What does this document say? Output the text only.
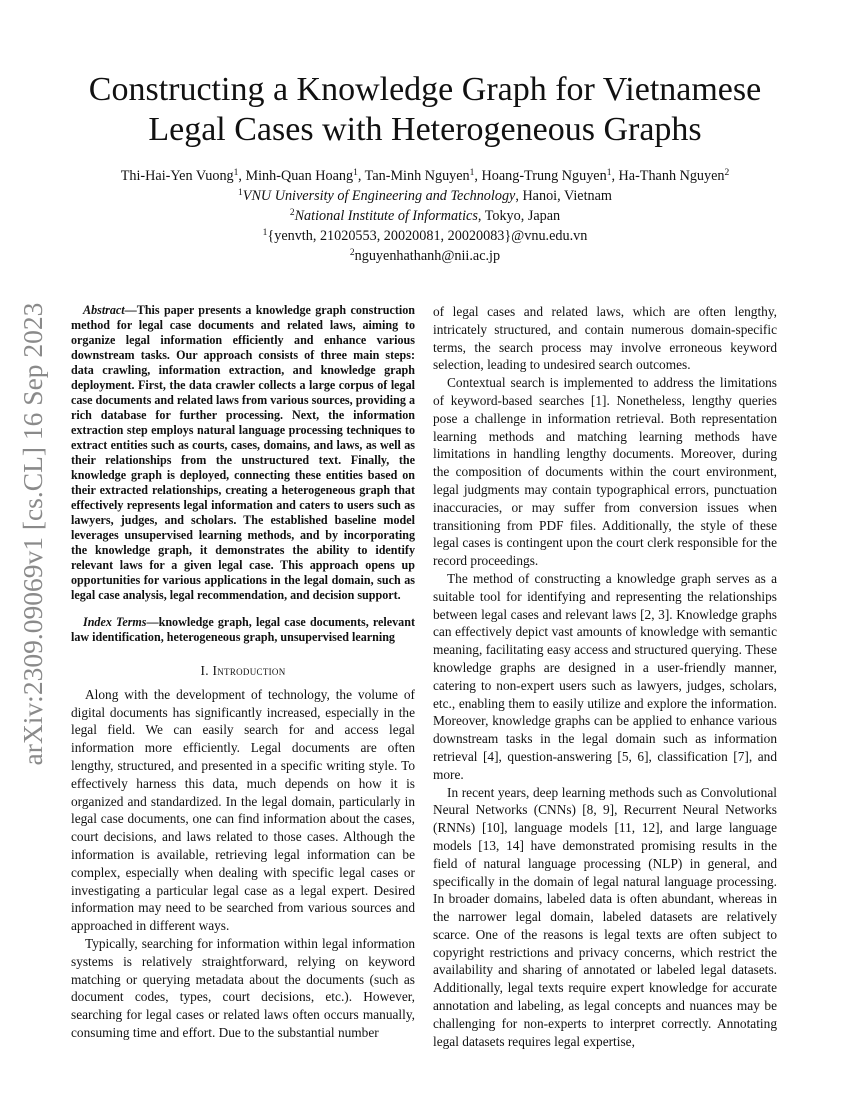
arXiv:2309.09069v1 [cs.CL] 16 Sep 2023
Constructing a Knowledge Graph for Vietnamese
Legal Cases with Heterogeneous Graphs
Thi-Hai-Yen Vuong$^1$, Minh-Quan Hoang$^1$, Tan-Minh Nguyen$^1$, Hoang-Trung Nguyen$^1$, Ha-Thanh Nguyen$^2$
$^1$VNU University of Engineering and Technology, Hanoi, Vietnam
$^2$National Institute of Informatics, Tokyo, Japan
$^1${yenvth, 21020553, 20020081, 20020083}@vnu.edu.vn
$^2$nguyenhathanh@nii.ac.jp

Abstract—This paper presents a knowledge graph construction method for legal case documents and related laws, aiming to organize legal information efficiently and enhance various downstream tasks. Our approach consists of three main steps: data crawling, information extraction, and knowledge graph deployment. First, the data crawler collects a large corpus of legal case documents and related laws from various sources, providing a rich database for further processing. Next, the information extraction step employs natural language processing techniques to extract entities such as courts, cases, domains, and laws, as well as their relationships from the unstructured text. Finally, the knowledge graph is deployed, connecting these entities based on their extracted relationships, creating a heterogeneous graph that effectively represents legal information and caters to users such as lawyers, judges, and scholars. The established baseline model leverages unsupervised learning methods, and by incorporating the knowledge graph, it demonstrates the ability to identify relevant laws for a given legal case. This approach opens up opportunities for various applications in the legal domain, such as legal case analysis, legal recommendation, and decision support.

Index Terms—knowledge graph, legal case documents, relevant law identification, heterogeneous graph, unsupervised learning

I. Introduction

Along with the development of technology, the volume of digital documents has significantly increased, especially in the legal field. We can easily search for and access legal information more efficiently. Legal documents are often lengthy, structured, and presented in a specific writing style. To effectively harness this data, much depends on how it is organized and standardized. In the legal domain, particularly in legal case documents, one can find information about the cases, court decisions, and laws related to those cases. Although the information is available, retrieving legal information can be complex, especially when dealing with specific legal cases or investigating a particular legal case as a legal expert. Desired information may need to be searched from various sources and approached in different ways.

Typically, searching for information within legal information systems is relatively straightforward, relying on keyword matching or querying metadata about the documents (such as document codes, types, court decisions, etc.). However, searching for legal cases or related laws often occurs manually, consuming time and effort. Due to the substantial number

of legal cases and related laws, which are often lengthy, intricately structured, and contain numerous domain-specific terms, the search process may involve erroneous keyword selection, leading to undesired search outcomes.

Contextual search is implemented to address the limitations of keyword-based searches [1]. Nonetheless, lengthy queries pose a challenge in information retrieval. Both representation learning methods and matching learning methods have limitations in handling lengthy documents. Moreover, during the composition of documents within the court environment, legal judgments may contain typographical errors, punctuation inaccuracies, or may suffer from conversion issues when transitioning from PDF files. Additionally, the style of these legal cases is contingent upon the court clerk responsible for the record proceedings.

The method of constructing a knowledge graph serves as a suitable tool for identifying and representing the relationships between legal cases and relevant laws [2, 3]. Knowledge graphs can effectively depict vast amounts of knowledge with semantic meaning, facilitating easy access and structured querying. These knowledge graphs are designed in a user-friendly manner, catering to non-expert users such as lawyers, judges, scholars, etc., enabling them to easily utilize and explore the information. Moreover, knowledge graphs can be applied to enhance various downstream tasks in the legal domain such as information retrieval [4], question-answering [5, 6], classification [7], and more.

In recent years, deep learning methods such as Convolutional Neural Networks (CNNs) [8, 9], Recurrent Neural Networks (RNNs) [10], language models [11, 12], and large language models [13, 14] have demonstrated promising results in the field of natural language processing (NLP) in general, and specifically in the domain of legal natural language processing. In broader domains, labeled data is often abundant, whereas in the narrower legal domain, labeled datasets are relatively scarce. One of the reasons is legal texts are often subject to copyright restrictions and privacy concerns, which restrict the availability and sharing of annotated or labeled legal datasets. Additionally, legal texts require expert knowledge for accurate annotation and labeling, as legal concepts and nuances may be challenging for non-experts to interpret correctly. Annotating legal datasets requires legal expertise,
